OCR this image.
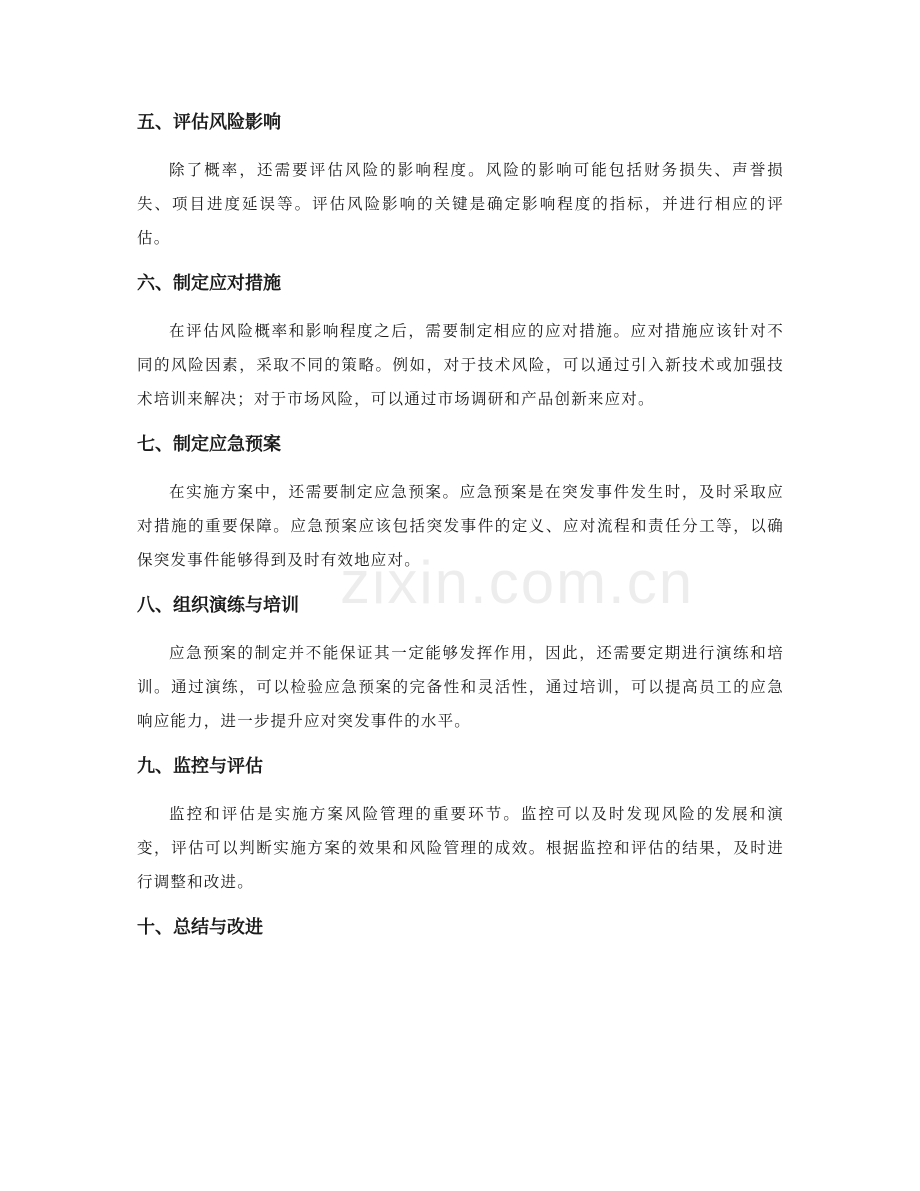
五、评估风险影响

除了概率，还需要评估风险的影响程度。风险的影响可能包括财务损失、声誉损失、项目进度延误等。评估风险影响的关键是确定影响程度的指标，并进行相应的评估。

六、制定应对措施

在评估风险概率和影响程度之后，需要制定相应的应对措施。应对措施应该针对不同的风险因素，采取不同的策略。例如，对于技术风险，可以通过引入新技术或加强技术培训来解决；对于市场风险，可以通过市场调研和产品创新来应对。

七、制定应急预案

在实施方案中，还需要制定应急预案。应急预案是在突发事件发生时，及时采取应对措施的重要保障。应急预案应该包括突发事件的定义、应对流程和责任分工等，以确保突发事件能够得到及时有效地应对。

八、组织演练与培训

应急预案的制定并不能保证其一定能够发挥作用，因此，还需要定期进行演练和培训。通过演练，可以检验应急预案的完备性和灵活性，通过培训，可以提高员工的应急响应能力，进一步提升应对突发事件的水平。

九、监控与评估

监控和评估是实施方案风险管理的重要环节。监控可以及时发现风险的发展和演变，评估可以判断实施方案的效果和风险管理的成效。根据监控和评估的结果，及时进行调整和改进。

十、总结与改进
zixin.com.cn
